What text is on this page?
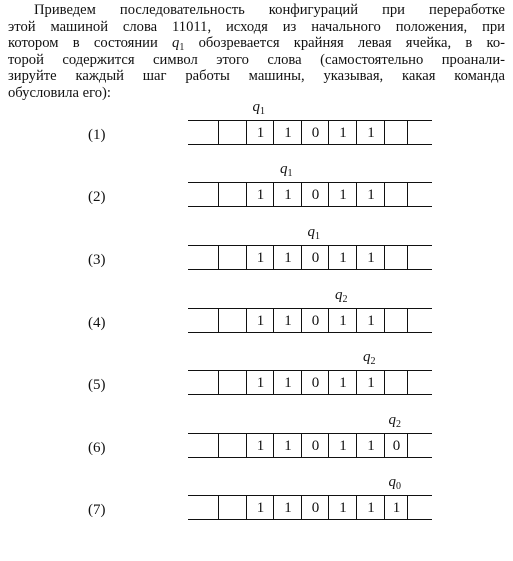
Приведем последовательность конфигураций при переработке
этой машиной слова 11011, исходя из начального положения, при
котором в состоянии $q_1$ обозревается крайняя левая ячейка, в ко-
торой содержится символ этого слова (самостоятельно проанали-
зируйте каждый шаг работы машины, указывая, какая команда
обусловила его):
(1)	1	1	0	1	1
$q_1$
(2)	1	1	0	1	1
$q_1$
(3)	1	1	0	1	1
$q_1$
(4)	1	1	0	1	1
$q_2$
(5)	1	1	0	1	1
$q_2$
(6)	1	1	0	1	1	0
$q_2$
(7)	1	1	0	1	1	1
$q_0$
